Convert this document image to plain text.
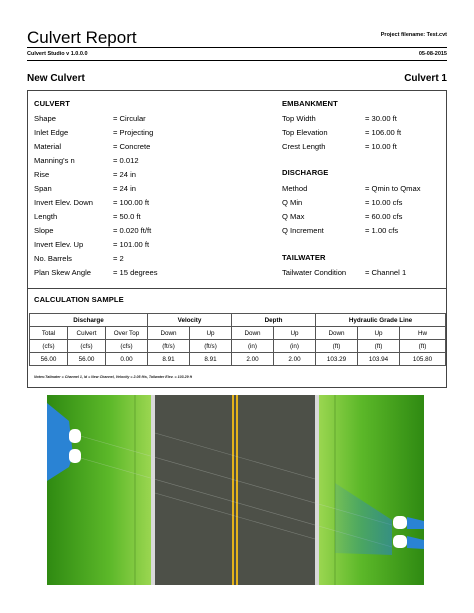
Culvert Report	Project filename: Test.cvt
Culvert Studio v 1.0.0.0	05-08-2015
New Culvert	Culvert 1
CULVERT
Shape	= Circular
Inlet Edge	= Projecting
Material	= Concrete
Manning's n	= 0.012
Rise	= 24 in
Span	= 24 in
Invert Elev. Down	= 100.00 ft
Length	= 50.0 ft
Slope	= 0.020 ft/ft
Invert Elev. Up	= 101.00 ft
No. Barrels	= 2
Plan Skew Angle	= 15 degrees
EMBANKMENT
Top Width	= 30.00 ft
Top Elevation	= 106.00 ft
Crest Length	= 10.00 ft
DISCHARGE
Method	= Qmin to Qmax
Q Min	= 10.00 cfs
Q Max	= 60.00 cfs
Q Increment	= 1.00 cfs
TAILWATER
Tailwater Condition = Channel 1
CALCULATION SAMPLE
Discharge			Velocity		Depth		Hydraulic Grade Line		
Total	Culvert	Over Top	Down	Up	Down	Up	Down	Up	Hw
(cfs)	(cfs)	(cfs)	(ft/s)	(ft/s)	(in)	(in)	(ft)	(ft)	(ft)
56.00	56.00	0.00	8.91	8.91	2.00	2.00	103.29	103.94	105.80
Notes:Tailwater = Channel 1, ld = New Channel, Velocity = 2.05 ft/s, Tailwater Elev. = 103.29 ft
